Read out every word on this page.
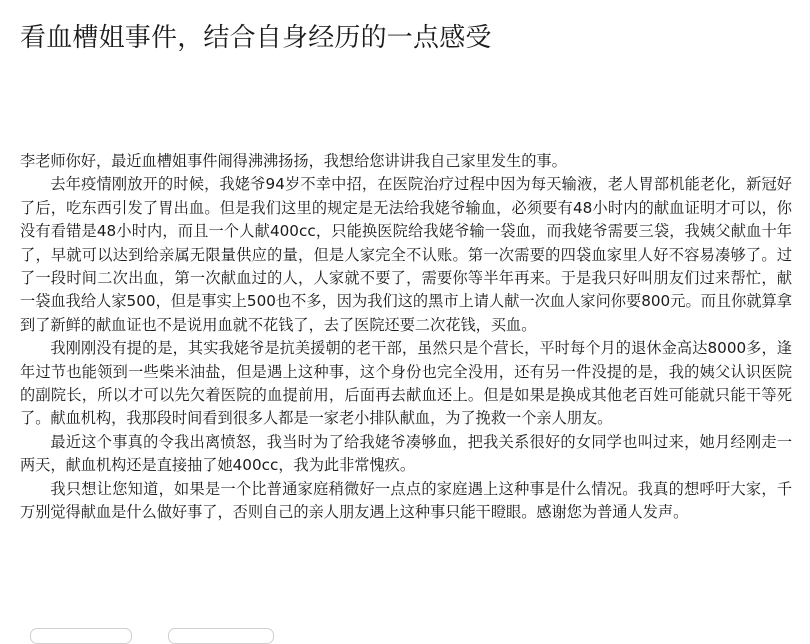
看血槽姐事件，结合自身经历的一点感受

李老师你好，最近血槽姐事件闹得沸沸扬扬，我想给您讲讲我自己家里发生的事。

去年疫情刚放开的时候，我姥爷94岁不幸中招，在医院治疗过程中因为每天输液，老人胃部机能老化，新冠好了后，吃东西引发了胃出血。但是我们这里的规定是无法给我姥爷输血，必须要有48小时内的献血证明才可以，你没有看错是48小时内，而且一个人献400cc，只能换医院给我姥爷输一袋血，而我姥爷需要三袋，我姨父献血十年了，早就可以达到给亲属无限量供应的量，但是人家完全不认账。第一次需要的四袋血家里人好不容易凑够了。过了一段时间二次出血，第一次献血过的人，人家就不要了，需要你等半年再来。于是我只好叫朋友们过来帮忙，献一袋血我给人家500，但是事实上500也不多，因为我们这的黑市上请人献一次血人家问你要800元。而且你就算拿到了新鲜的献血证也不是说用血就不花钱了，去了医院还要二次花钱，买血。

我刚刚没有提的是，其实我姥爷是抗美援朝的老干部，虽然只是个营长，平时每个月的退休金高达8000多，逢年过节也能领到一些柴米油盐，但是遇上这种事，这个身份也完全没用，还有另一件没提的是，我的姨父认识医院的副院长，所以才可以先欠着医院的血提前用，后面再去献血还上。但是如果是换成其他老百姓可能就只能干等死了。献血机构，我那段时间看到很多人都是一家老小排队献血，为了挽救一个亲人朋友。

最近这个事真的令我出离愤怒，我当时为了给我姥爷凑够血，把我关系很好的女同学也叫过来，她月经刚走一两天，献血机构还是直接抽了她400cc，我为此非常愧疚。

我只想让您知道，如果是一个比普通家庭稍微好一点点的家庭遇上这种事是什么情况。我真的想呼吁大家，千万别觉得献血是什么做好事了，否则自己的亲人朋友遇上这种事只能干瞪眼。感谢您为普通人发声。
